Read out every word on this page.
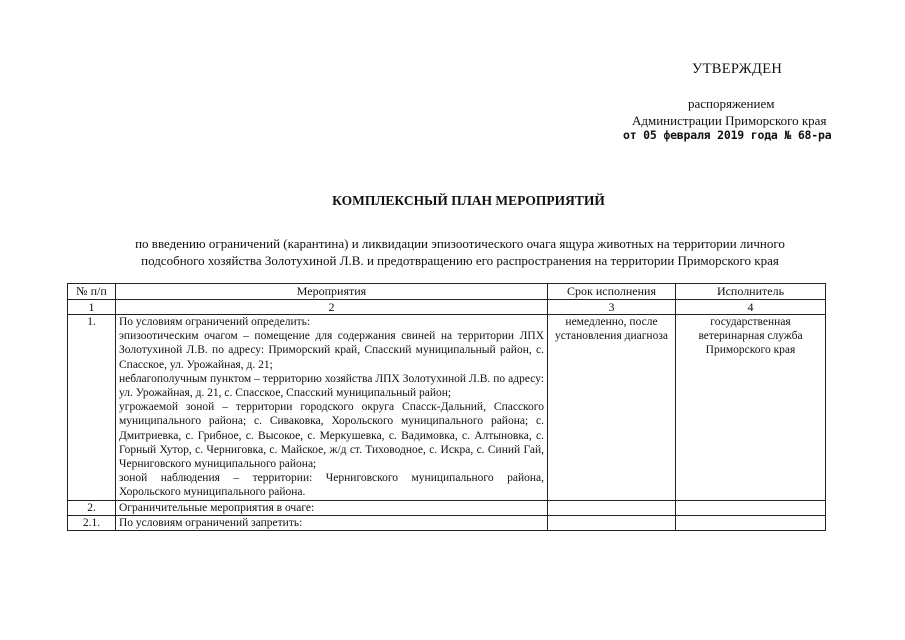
УТВЕРЖДЕН
распоряжением
Администрации Приморского края
от 05 февраля 2019 года № 68-ра
КОМПЛЕКСНЫЙ ПЛАН МЕРОПРИЯТИЙ
по введению ограничений (карантина) и ликвидации эпизоотического очага ящура животных на территории личного
подсобного хозяйства Золотухиной Л.В. и предотвращению его распространения на территории Приморского края
№ п/п	Мероприятия	Срок исполнения	Исполнитель
1	2	3	4
1.	По условиям ограничений определить:
эпизоотическим очагом – помещение для содержания свиней на территории ЛПХ Золотухиной Л.В. по адресу: Приморский край, Спасский муниципальный район, с. Спасское, ул. Урожайная, д. 21;
неблагополучным пунктом – территорию хозяйства ЛПХ Золотухиной Л.В. по адресу: ул. Урожайная, д. 21, с. Спасское, Спасский муниципальный район;
угрожаемой зоной – территории городского округа Спасск-Дальний, Спасского муниципального района; с. Сиваковка, Хорольского муниципального района; с. Дмитриевка, с. Грибное, с. Высокое, с. Меркушевка, с. Вадимовка, с. Алтыновка, с. Горный Хутор, с. Черниговка, с. Майское, ж/д ст. Тиховодное, с. Искра, с. Синий Гай, Черниговского муниципального района;
зоной наблюдения – территории: Черниговского муниципального района, Хорольского муниципального района.	немедленно, после установления диагноза	государственная ветеринарная служба Приморского края
2.	Ограничительные мероприятия в очаге:		
2.1.	По условиям ограничений запретить:		
